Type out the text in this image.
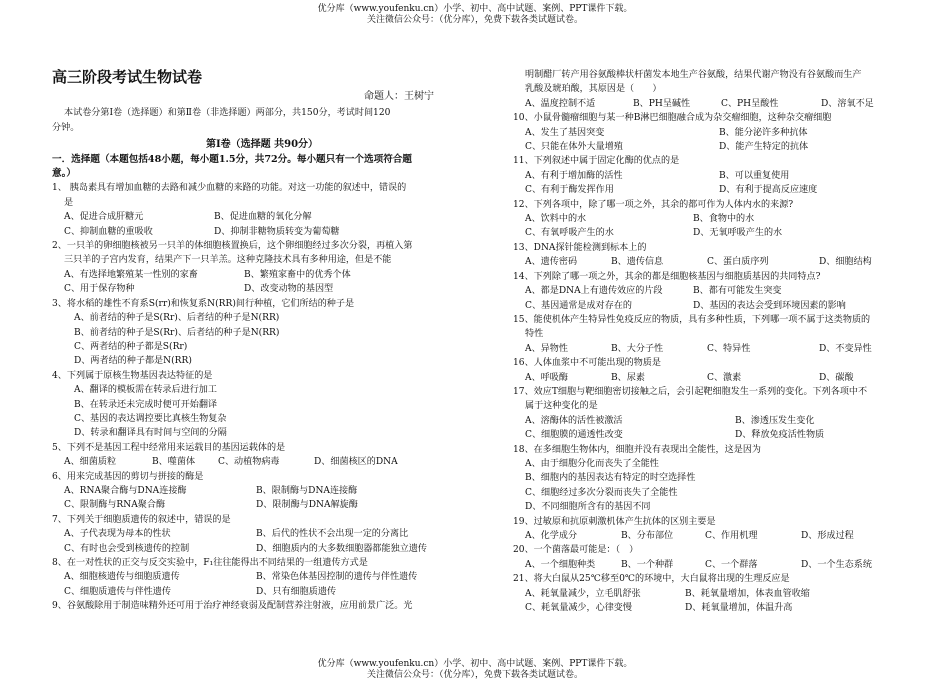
优分库（www.youfenku.cn）小学、初中、高中试题、案例、PPT课件下载。
关注微信公众号：（优分库），免费下载各类试题试卷。
高三阶段考试生物试卷
命题人：王树宁
本试卷分第Ⅰ卷（选择题）和第Ⅱ卷（非选择题）两部分，共150分，考试时间120
分钟。
第Ⅰ卷（选择题 共90分）
一．选择题（本题包括48小题，每小题1.5分，共72分。每小题只有一个选项符合题
意。）
1、 胰岛素具有增加血糖的去路和减少血糖的来路的功能。对这一功能的叙述中，错误的
是
A、促进合成肝糖元	B、促进血糖的氧化分解
C、抑制血糖的重吸收	D、抑制非糖物质转变为葡萄糖
2、一只羊的卵细胞核被另一只羊的体细胞核置换后，这个卵细胞经过多次分裂，再植入第
三只羊的子宫内发育，结果产下一只羊羔。这种克隆技术具有多种用途，但是不能
A、有选择地繁殖某一性别的家畜	B、繁殖家畜中的优秀个体
C、用于保存物种	D、改变动物的基因型
3、将水稻的雄性不育系S(rr)和恢复系N(RR)间行种植，它们所结的种子是
A、前者结的种子是S(Rr)、后者结的种子是N(RR)
B、前者结的种子是S(Rr)、后者结的种子是N(RR)
C、两者结的种子都是S(Rr)
D、两者结的种子都是N(RR)
4、下列属于原核生物基因表达特征的是
A、翻译的模板需在转录后进行加工
B、在转录还未完成时便可开始翻译
C、基因的表达调控要比真核生物复杂
D、转录和翻译具有时间与空间的分隔
5、下列不是基因工程中经常用来运载目的基因运载体的是
A、细菌质粒	B、噬菌体	C、动植物病毒	D、细菌核区的DNA
6、用来完成基因的剪切与拼接的酶是
A、RNA聚合酶与DNA连接酶	B、限制酶与DNA连接酶
C、限制酶与RNA聚合酶	D、限制酶与DNA解旋酶
7、下列关于细胞质遗传的叙述中，错误的是
A、子代表现为母本的性状	B、后代的性状不会出现一定的分离比
C、有时也会受到核遗传的控制	D、细胞质内的大多数细胞器都能独立遗传
8、在一对性状的正交与反交实验中，F₁往往能得出不同结果的一组遗传方式是
A、细胞核遗传与细胞质遗传	B、常染色体基因控制的遗传与伴性遗传
C、细胞质遗传与伴性遗传	D、只有细胞质遗传
9、谷氨酸除用于制造味精外还可用于治疗神经衰弱及配制营养注射液，应用前景广泛。光
明制醋厂转产用谷氨酸棒状杆菌发本地生产谷氨酸，结果代谢产物没有谷氨酸而生产
乳酸及琥珀酸，其原因是（　　）
A、温度控制不适	B、PH呈碱性	C、PH呈酸性	D、溶氧不足
10、小鼠骨髓瘤细胞与某一种B淋巴细胞融合成为杂交瘤细胞，这种杂交瘤细胞
A、发生了基因突变	B、能分泌许多种抗体
C、只能在体外大量增殖	D、能产生特定的抗体
11、下列叙述中属于固定化酶的优点的是
A、有利于增加酶的活性	B、可以重复使用
C、有利于酶发挥作用	D、有利于提高反应速度
12、下列各项中，除了哪一项之外，其余的都可作为人体内水的来源?
A、饮料中的水	B、食物中的水
C、有氧呼吸产生的水	D、无氧呼吸产生的水
13、DNA探针能检测到标本上的
A、遗传密码	B、遗传信息	C、蛋白质序列	D、细胞结构
14、下列除了哪一项之外，其余的都是细胞核基因与细胞质基因的共同特点?
A、都是DNA上有遗传效应的片段	B、都有可能发生突变
C、基因通常是成对存在的	D、基因的表达会受到环境因素的影响
15、能使机体产生特异性免疫反应的物质，具有多种性质，下列哪一项不属于这类物质的
特性
A、异物性	B、大分子性	C、特异性	D、不变异性
16、人体血浆中不可能出现的物质是
A、呼吸酶	B、尿素	C、激素	D、碳酸
17、效应T细胞与靶细胞密切接触之后，会引起靶细胞发生一系列的变化。下列各项中不
属于这种变化的是
A、溶酶体的活性被激活	B、渗透压发生变化
C、细胞膜的通透性改变	D、释放免疫活性物质
18、在多细胞生物体内，细胞并没有表现出全能性，这是因为
A、由于细胞分化而丧失了全能性
B、细胞内的基因表达有特定的时空选择性
C、细胞经过多次分裂而丧失了全能性
D、不同细胞所含有的基因不同
19、过敏原和抗原刺激机体产生抗体的区别主要是
A、化学成分	B、分布部位	C、作用机理	D、形成过程
20、一个菌落最可能是：（　）
A、一个细胞种类	B、一个种群	C、一个群落	D、一个生态系统
21、将大白鼠从25℃移至0℃的环境中，大白鼠将出现的生理反应是
A、耗氧量减少，立毛肌舒张	B、耗氧量增加，体表血管收缩
C、耗氧量减少，心律变慢	D、耗氧量增加，体温升高
优分库（www.youfenku.cn）小学、初中、高中试题、案例、PPT课件下载。
关注微信公众号：（优分库），免费下载各类试题试卷。
